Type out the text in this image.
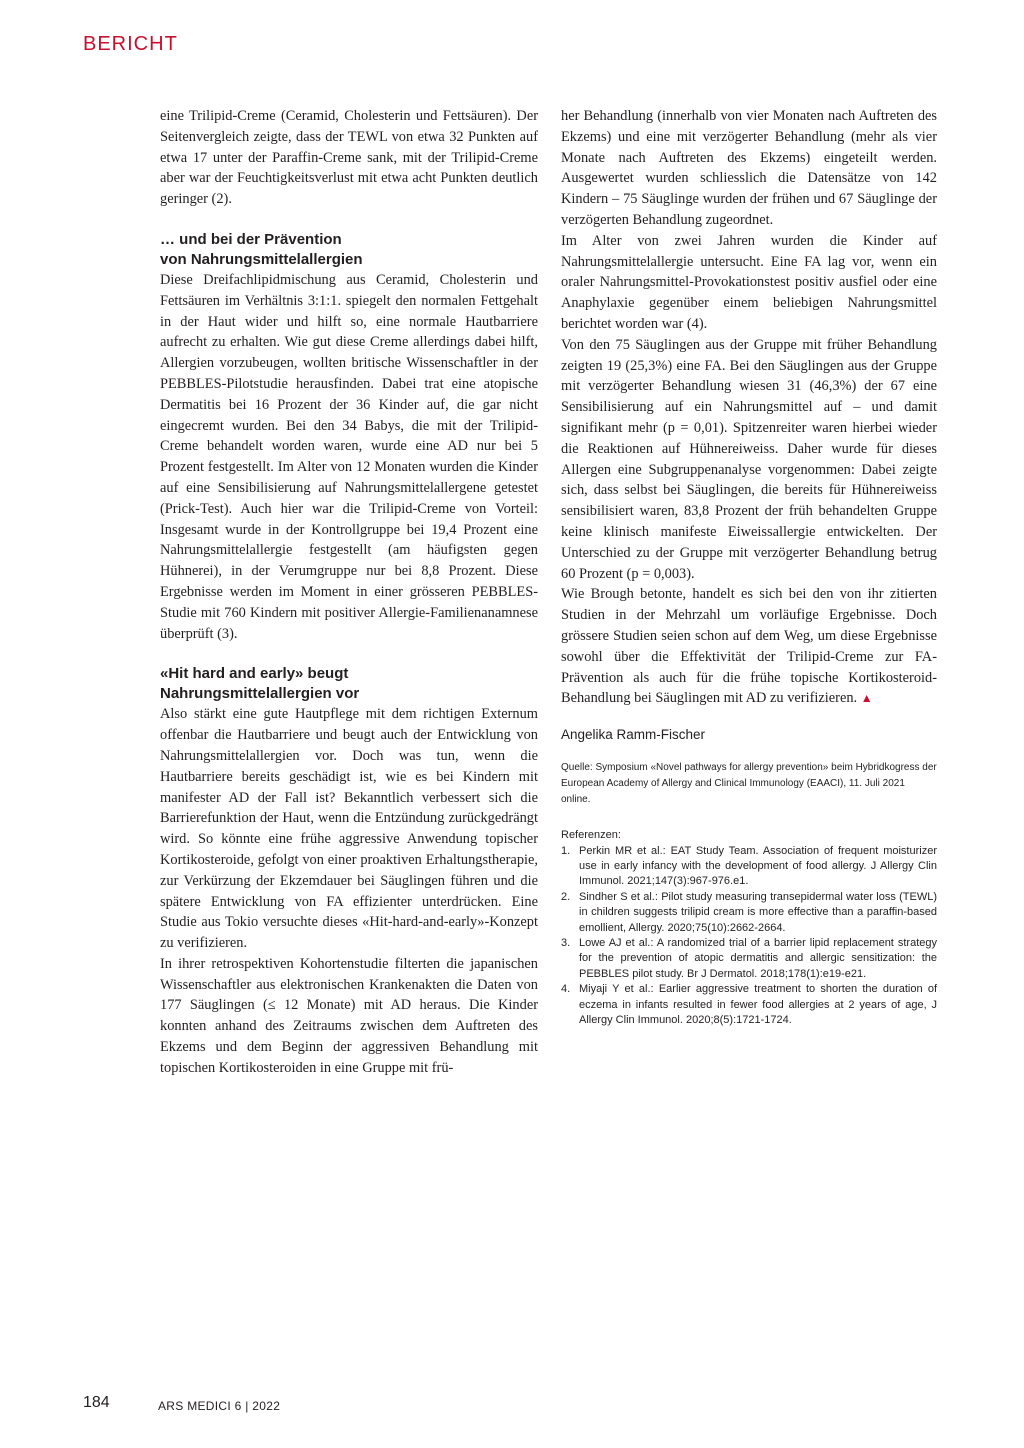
BERICHT

eine Trilipid-Creme (Ceramid, Cholesterin und Fettsäuren). Der Seitenvergleich zeigte, dass der TEWL von etwa 32 Punkten auf etwa 17 unter der Paraffin-Creme sank, mit der Trilipid-Creme aber war der Feuchtigkeitsverlust mit etwa acht Punkten deutlich geringer (2).

… und bei der Prävention
von Nahrungsmittelallergien

Diese Dreifachlipidmischung aus Ceramid, Cholesterin und Fettsäuren im Verhältnis 3:1:1. spiegelt den normalen Fettgehalt in der Haut wider und hilft so, eine normale Hautbarriere aufrecht zu erhalten. Wie gut diese Creme allerdings dabei hilft, Allergien vorzubeugen, wollten britische Wissenschaftler in der PEBBLES-Pilotstudie herausfinden. Dabei trat eine atopische Dermatitis bei 16 Prozent der 36 Kinder auf, die gar nicht eingecremt wurden. Bei den 34 Babys, die mit der Trilipid-Creme behandelt worden waren, wurde eine AD nur bei 5 Prozent festgestellt. Im Alter von 12 Monaten wurden die Kinder auf eine Sensibilisierung auf Nahrungsmittelallergene getestet (Prick-Test). Auch hier war die Trilipid-Creme von Vorteil: Insgesamt wurde in der Kontrollgruppe bei 19,4 Prozent eine Nahrungsmittelallergie festgestellt (am häufigsten gegen Hühnerei), in der Verumgruppe nur bei 8,8 Prozent. Diese Ergebnisse werden im Moment in einer grösseren PEBBLES-Studie mit 760 Kindern mit positiver Allergie-Familienanamnese überprüft (3).

«Hit hard and early» beugt
Nahrungsmittelallergien vor

Also stärkt eine gute Hautpflege mit dem richtigen Externum offenbar die Hautbarriere und beugt auch der Entwicklung von Nahrungsmittelallergien vor. Doch was tun, wenn die Hautbarriere bereits geschädigt ist, wie es bei Kindern mit manifester AD der Fall ist? Bekanntlich verbessert sich die Barrierefunktion der Haut, wenn die Entzündung zurückgedrängt wird. So könnte eine frühe aggressive Anwendung topischer Kortikosteroide, gefolgt von einer proaktiven Erhaltungstherapie, zur Verkürzung der Ekzemdauer bei Säuglingen führen und die spätere Entwicklung von FA effizienter unterdrücken. Eine Studie aus Tokio versuchte dieses «Hit-hard-and-early»-Konzept zu verifizieren.

In ihrer retrospektiven Kohortenstudie filterten die japanischen Wissenschaftler aus elektronischen Krankenakten die Daten von 177 Säuglingen (≤ 12 Monate) mit AD heraus. Die Kinder konnten anhand des Zeitraums zwischen dem Auftreten des Ekzems und dem Beginn der aggressiven Behandlung mit topischen Kortikosteroiden in eine Gruppe mit frü-

her Behandlung (innerhalb von vier Monaten nach Auftreten des Ekzems) und eine mit verzögerter Behandlung (mehr als vier Monate nach Auftreten des Ekzems) eingeteilt werden. Ausgewertet wurden schliesslich die Datensätze von 142 Kindern – 75 Säuglinge wurden der frühen und 67 Säuglinge der verzögerten Behandlung zugeordnet.

Im Alter von zwei Jahren wurden die Kinder auf Nahrungsmittelallergie untersucht. Eine FA lag vor, wenn ein oraler Nahrungsmittel-Provokationstest positiv ausfiel oder eine Anaphylaxie gegenüber einem beliebigen Nahrungsmittel berichtet worden war (4).

Von den 75 Säuglingen aus der Gruppe mit früher Behandlung zeigten 19 (25,3%) eine FA. Bei den Säuglingen aus der Gruppe mit verzögerter Behandlung wiesen 31 (46,3%) der 67 eine Sensibilisierung auf ein Nahrungsmittel auf – und damit signifikant mehr (p = 0,01). Spitzenreiter waren hierbei wieder die Reaktionen auf Hühnereiweiss. Daher wurde für dieses Allergen eine Subgruppenanalyse vorgenommen: Dabei zeigte sich, dass selbst bei Säuglingen, die bereits für Hühnereiweiss sensibilisiert waren, 83,8 Prozent der früh behandelten Gruppe keine klinisch manifeste Eiweissallergie entwickelten. Der Unterschied zu der Gruppe mit verzögerter Behandlung betrug 60 Prozent (p = 0,003).

Wie Brough betonte, handelt es sich bei den von ihr zitierten Studien in der Mehrzahl um vorläufige Ergebnisse. Doch grössere Studien seien schon auf dem Weg, um diese Ergebnisse sowohl über die Effektivität der Trilipid-Creme zur FA-Prävention als auch für die frühe topische Kortikosteroid-Behandlung bei Säuglingen mit AD zu verifizieren. ▲

Angelika Ramm-Fischer
Quelle: Symposium «Novel pathways for allergy prevention» beim Hybridkogress der European Academy of Allergy and Clinical Immunology (EAACI), 11. Juli 2021 online.
Referenzen:
1. Perkin MR et al.: EAT Study Team. Association of frequent moisturizer use in early infancy with the development of food allergy. J Allergy Clin Immunol. 2021;147(3):967-976.e1.
2. Sindher S et al.: Pilot study measuring transepidermal water loss (TEWL) in children suggests trilipid cream is more effective than a paraffin-based emollient, Allergy. 2020;75(10):2662-2664.
3. Lowe AJ et al.: A randomized trial of a barrier lipid replacement strategy for the prevention of atopic dermatitis and allergic sensitization: the PEBBLES pilot study. Br J Dermatol. 2018;178(1):e19-e21.
4. Miyaji Y et al.: Earlier aggressive treatment to shorten the duration of eczema in infants resulted in fewer food allergies at 2 years of age, J Allergy Clin Immunol. 2020;8(5):1721-1724.
184	ARS MEDICI 6 | 2022
